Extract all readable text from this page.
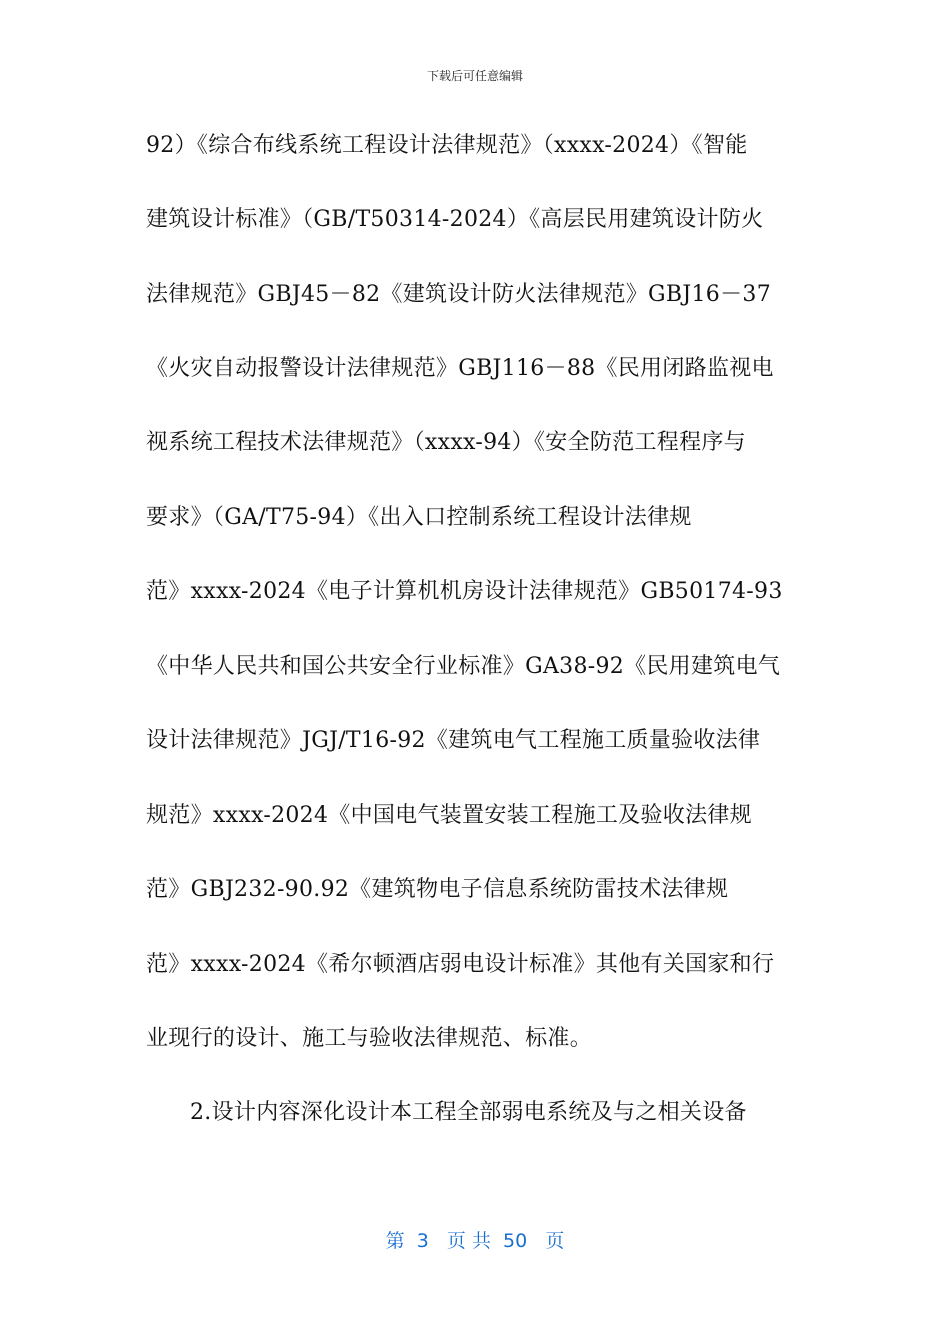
下载后可任意编辑
92）《综合布线系统工程设计法律规范》（xxxx-2024）《智能
建筑设计标准》（GB/T50314-2024）《高层民用建筑设计防火
法律规范》GBJ45－82《建筑设计防火法律规范》GBJ16－37
《火灾自动报警设计法律规范》GBJ116－88《民用闭路监视电
视系统工程技术法律规范》（xxxx-94）《安全防范工程程序与
要求》（GA/T75-94）《出入口控制系统工程设计法律规
范》xxxx-2024《电子计算机机房设计法律规范》GB50174-93
《中华人民共和国公共安全行业标准》GA38-92《民用建筑电气
设计法律规范》JGJ/T16-92《建筑电气工程施工质量验收法律
规范》xxxx-2024《中国电气装置安装工程施工及验收法律规
范》GBJ232-90.92《建筑物电子信息系统防雷技术法律规
范》xxxx-2024《希尔顿酒店弱电设计标准》其他有关国家和行
业现行的设计、施工与验收法律规范、标准。
2.设计内容深化设计本工程全部弱电系统及与之相关设备
第  3   页 共  50   页
